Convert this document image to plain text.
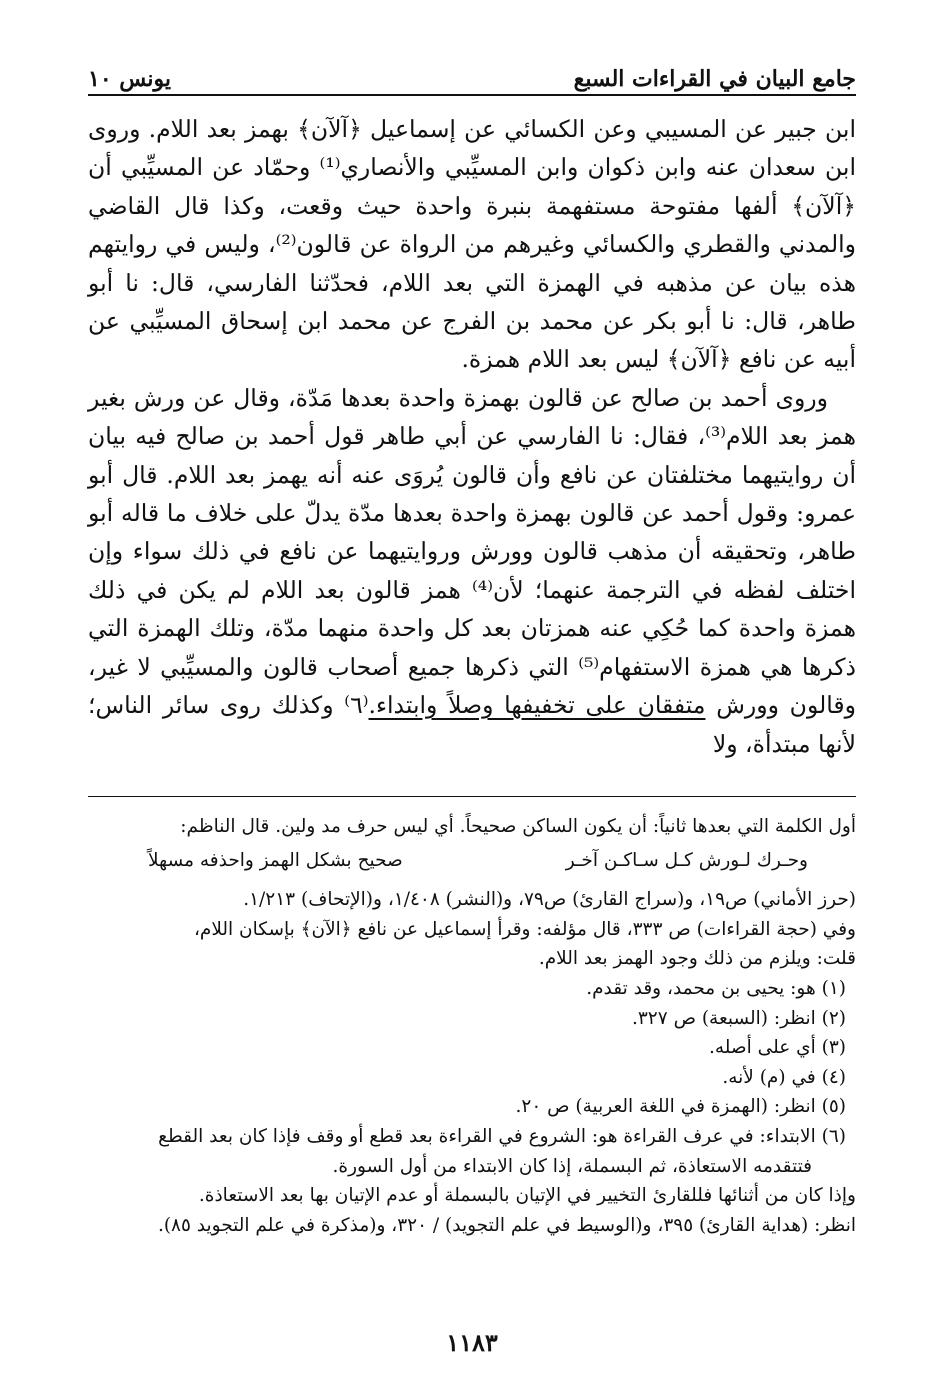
جامع البيان في القراءات السبع
يونس ١٠

ابن جبير عن المسيبي وعن الكسائي عن إسماعيل ﴿آلآن﴾ بهمز بعد اللام. وروى ابن سعدان عنه وابن ذكوان وابن المسيِّبي والأنصاري⁽¹⁾ وحمّاد عن المسيِّبي أن ﴿آلآن﴾ ألفها مفتوحة مستفهمة بنبرة واحدة حيث وقعت، وكذا قال القاضي والمدني والقطري والكسائي وغيرهم من الرواة عن قالون⁽²⁾، وليس في روايتهم هذه بيان عن مذهبه في الهمزة التي بعد اللام، فحدّثنا الفارسي، قال: نا أبو طاهر، قال: نا أبو بكر عن محمد بن الفرج عن محمد ابن إسحاق المسيِّبي عن أبيه عن نافع ﴿آلآن﴾ ليس بعد اللام همزة.

وروى أحمد بن صالح عن قالون بهمزة واحدة بعدها مَدّة، وقال عن ورش بغير همز بعد اللام⁽³⁾، فقال: نا الفارسي عن أبي طاهر قول أحمد بن صالح فيه بيان أن روايتيهما مختلفتان عن نافع وأن قالون يُروَى عنه أنه يهمز بعد اللام. قال أبو عمرو: وقول أحمد عن قالون بهمزة واحدة بعدها مدّة يدلّ على خلاف ما قاله أبو طاهر، وتحقيقه أن مذهب قالون وورش وروايتيهما عن نافع في ذلك سواء وإن اختلف لفظه في الترجمة عنهما؛ لأن⁽⁴⁾ همز قالون بعد اللام لم يكن في ذلك همزة واحدة كما حُكِي عنه همزتان بعد كل واحدة منهما مدّة، وتلك الهمزة التي ذكرها هي همزة الاستفهام⁽⁵⁾ التي ذكرها جميع أصحاب قالون والمسيِّبي لا غير، وقالون وورش متفقان على تخفيفها وصلاً وابتداء.⁽٦⁾ وكذلك روى سائر الناس؛ لأنها مبتدأة، ولا

أول الكلمة التي بعدها ثانياً: أن يكون الساكن صحيحاً. أي ليس حرف مد ولين. قال الناظم:

وحـرك لـورش كـل سـاكـن آخـر
صحيح بشكل الهمز واحذفه مسهلاً

(حرز الأماني) ص١٩، و(سراج القارئ) ص٧٩، و(النشر) ١/٤٠٨، و(الإتحاف) ١/٢١٣.

وفي (حجة القراءات) ص ٣٣٣، قال مؤلفه: وقرأ إسماعيل عن نافع ﴿الآن﴾ بإسكان اللام،

قلت: ويلزم من ذلك وجود الهمز بعد اللام.

(١) هو: يحيى بن محمد، وقد تقدم.

(٢) انظر: (السبعة) ص ٣٢٧.

(٣) أي على أصله.

(٤) في (م) لأنه.

(٥) انظر: (الهمزة في اللغة العربية) ص ٢٠.

(٦) الابتداء: في عرف القراءة هو: الشروع في القراءة بعد قطع أو وقف فإذا كان بعد القطع

فتتقدمه الاستعاذة، ثم البسملة، إذا كان الابتداء من أول السورة.

وإذا كان من أثنائها فللقارئ التخيير في الإتيان بالبسملة أو عدم الإتيان بها بعد الاستعاذة.

انظر: (هداية القارئ) ٣٩٥، و(الوسيط في علم التجويد) / ٣٢٠، و(مذكرة في علم التجويد ٨٥).

١١٨٣
